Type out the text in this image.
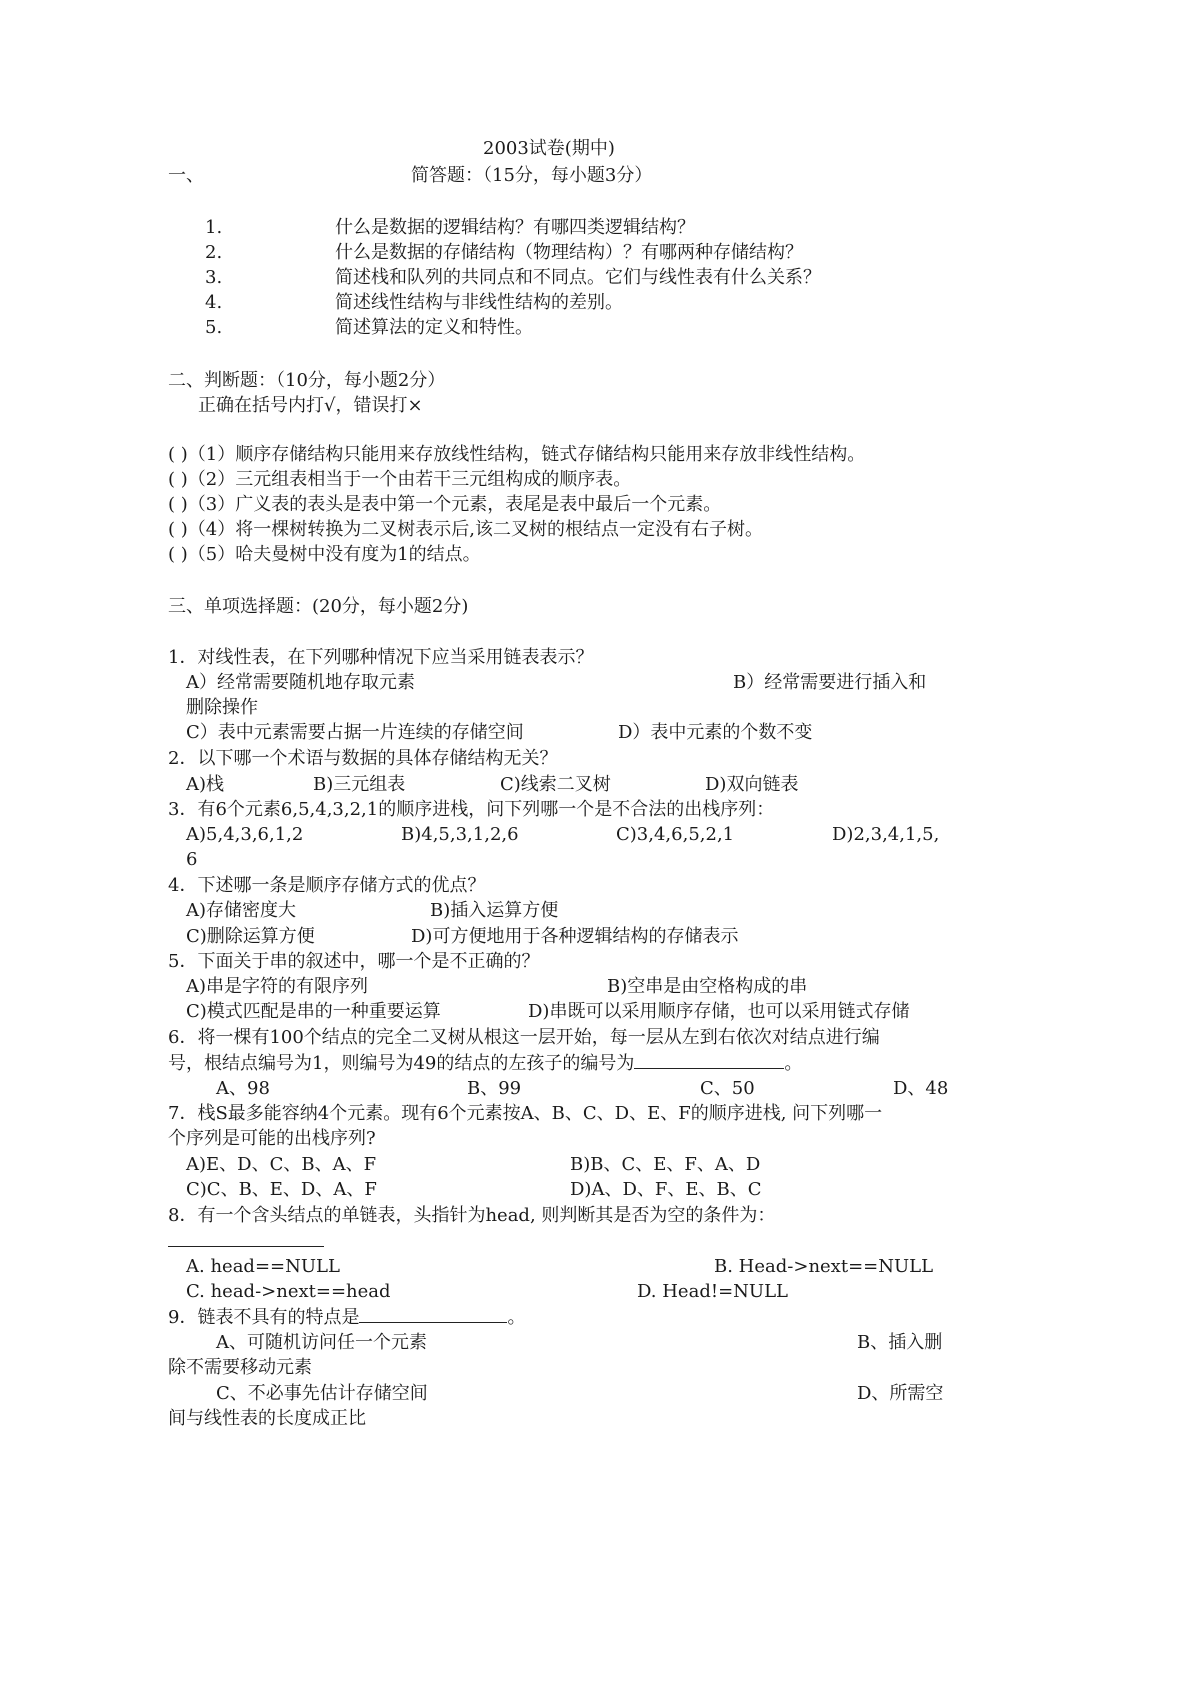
2003试卷(期中)
一、	简答题：（15分，每小题3分）
1.	什么是数据的逻辑结构？有哪四类逻辑结构？
2.	什么是数据的存储结构（物理结构）？有哪两种存储结构？
3.	简述栈和队列的共同点和不同点。它们与线性表有什么关系？
4.	简述线性结构与非线性结构的差别。
5.	简述算法的定义和特性。
二、判断题：（10分，每小题2分）
正确在括号内打√，错误打×
( )（1）顺序存储结构只能用来存放线性结构，链式存储结构只能用来存放非线性结构。
( )（2）三元组表相当于一个由若干三元组构成的顺序表。
( )（3）广义表的表头是表中第一个元素，表尾是表中最后一个元素。
( )（4）将一棵树转换为二叉树表示后,该二叉树的根结点一定没有右子树。
( )（5）哈夫曼树中没有度为1的结点。
三、单项选择题：(20分，每小题2分)
1．对线性表，在下列哪种情况下应当采用链表表示？
A）经常需要随机地存取元素	B）经常需要进行插入和
删除操作
C）表中元素需要占据一片连续的存储空间	D）表中元素的个数不变
2．以下哪一个术语与数据的具体存储结构无关？
A)栈	B)三元组表	C)线索二叉树	D)双向链表
3．有6个元素6,5,4,3,2,1的顺序进栈，问下列哪一个是不合法的出栈序列：
A)5,4,3,6,1,2	B)4,5,3,1,2,6	C)3,4,6,5,2,1	D)2,3,4,1,5,
6
4．下述哪一条是顺序存储方式的优点？
A)存储密度大	B)插入运算方便
C)删除运算方便	D)可方便地用于各种逻辑结构的存储表示
5．下面关于串的叙述中，哪一个是不正确的？
A)串是字符的有限序列	B)空串是由空格构成的串
C)模式匹配是串的一种重要运算	D)串既可以采用顺序存储，也可以采用链式存储
6．将一棵有100个结点的完全二叉树从根这一层开始，每一层从左到右依次对结点进行编
号，根结点编号为1，则编号为49的结点的左孩子的编号为	。
A、98	B、99	C、50	D、48
7．栈S最多能容纳4个元素。现有6个元素按A、B、C、D、E、F的顺序进栈, 问下列哪一
个序列是可能的出栈序列?
A)E、D、C、B、A、F	B)B、C、E、F、A、D
C)C、B、E、D、A、F	D)A、D、F、E、B、C
8．有一个含头结点的单链表，头指针为head, 则判断其是否为空的条件为：
A. head==NULL	B. Head->next==NULL
C. head->next==head	D. Head!=NULL
9．链表不具有的特点是	。
A、可随机访问任一个元素	B、插入删
除不需要移动元素
C、不必事先估计存储空间	D、所需空
间与线性表的长度成正比
